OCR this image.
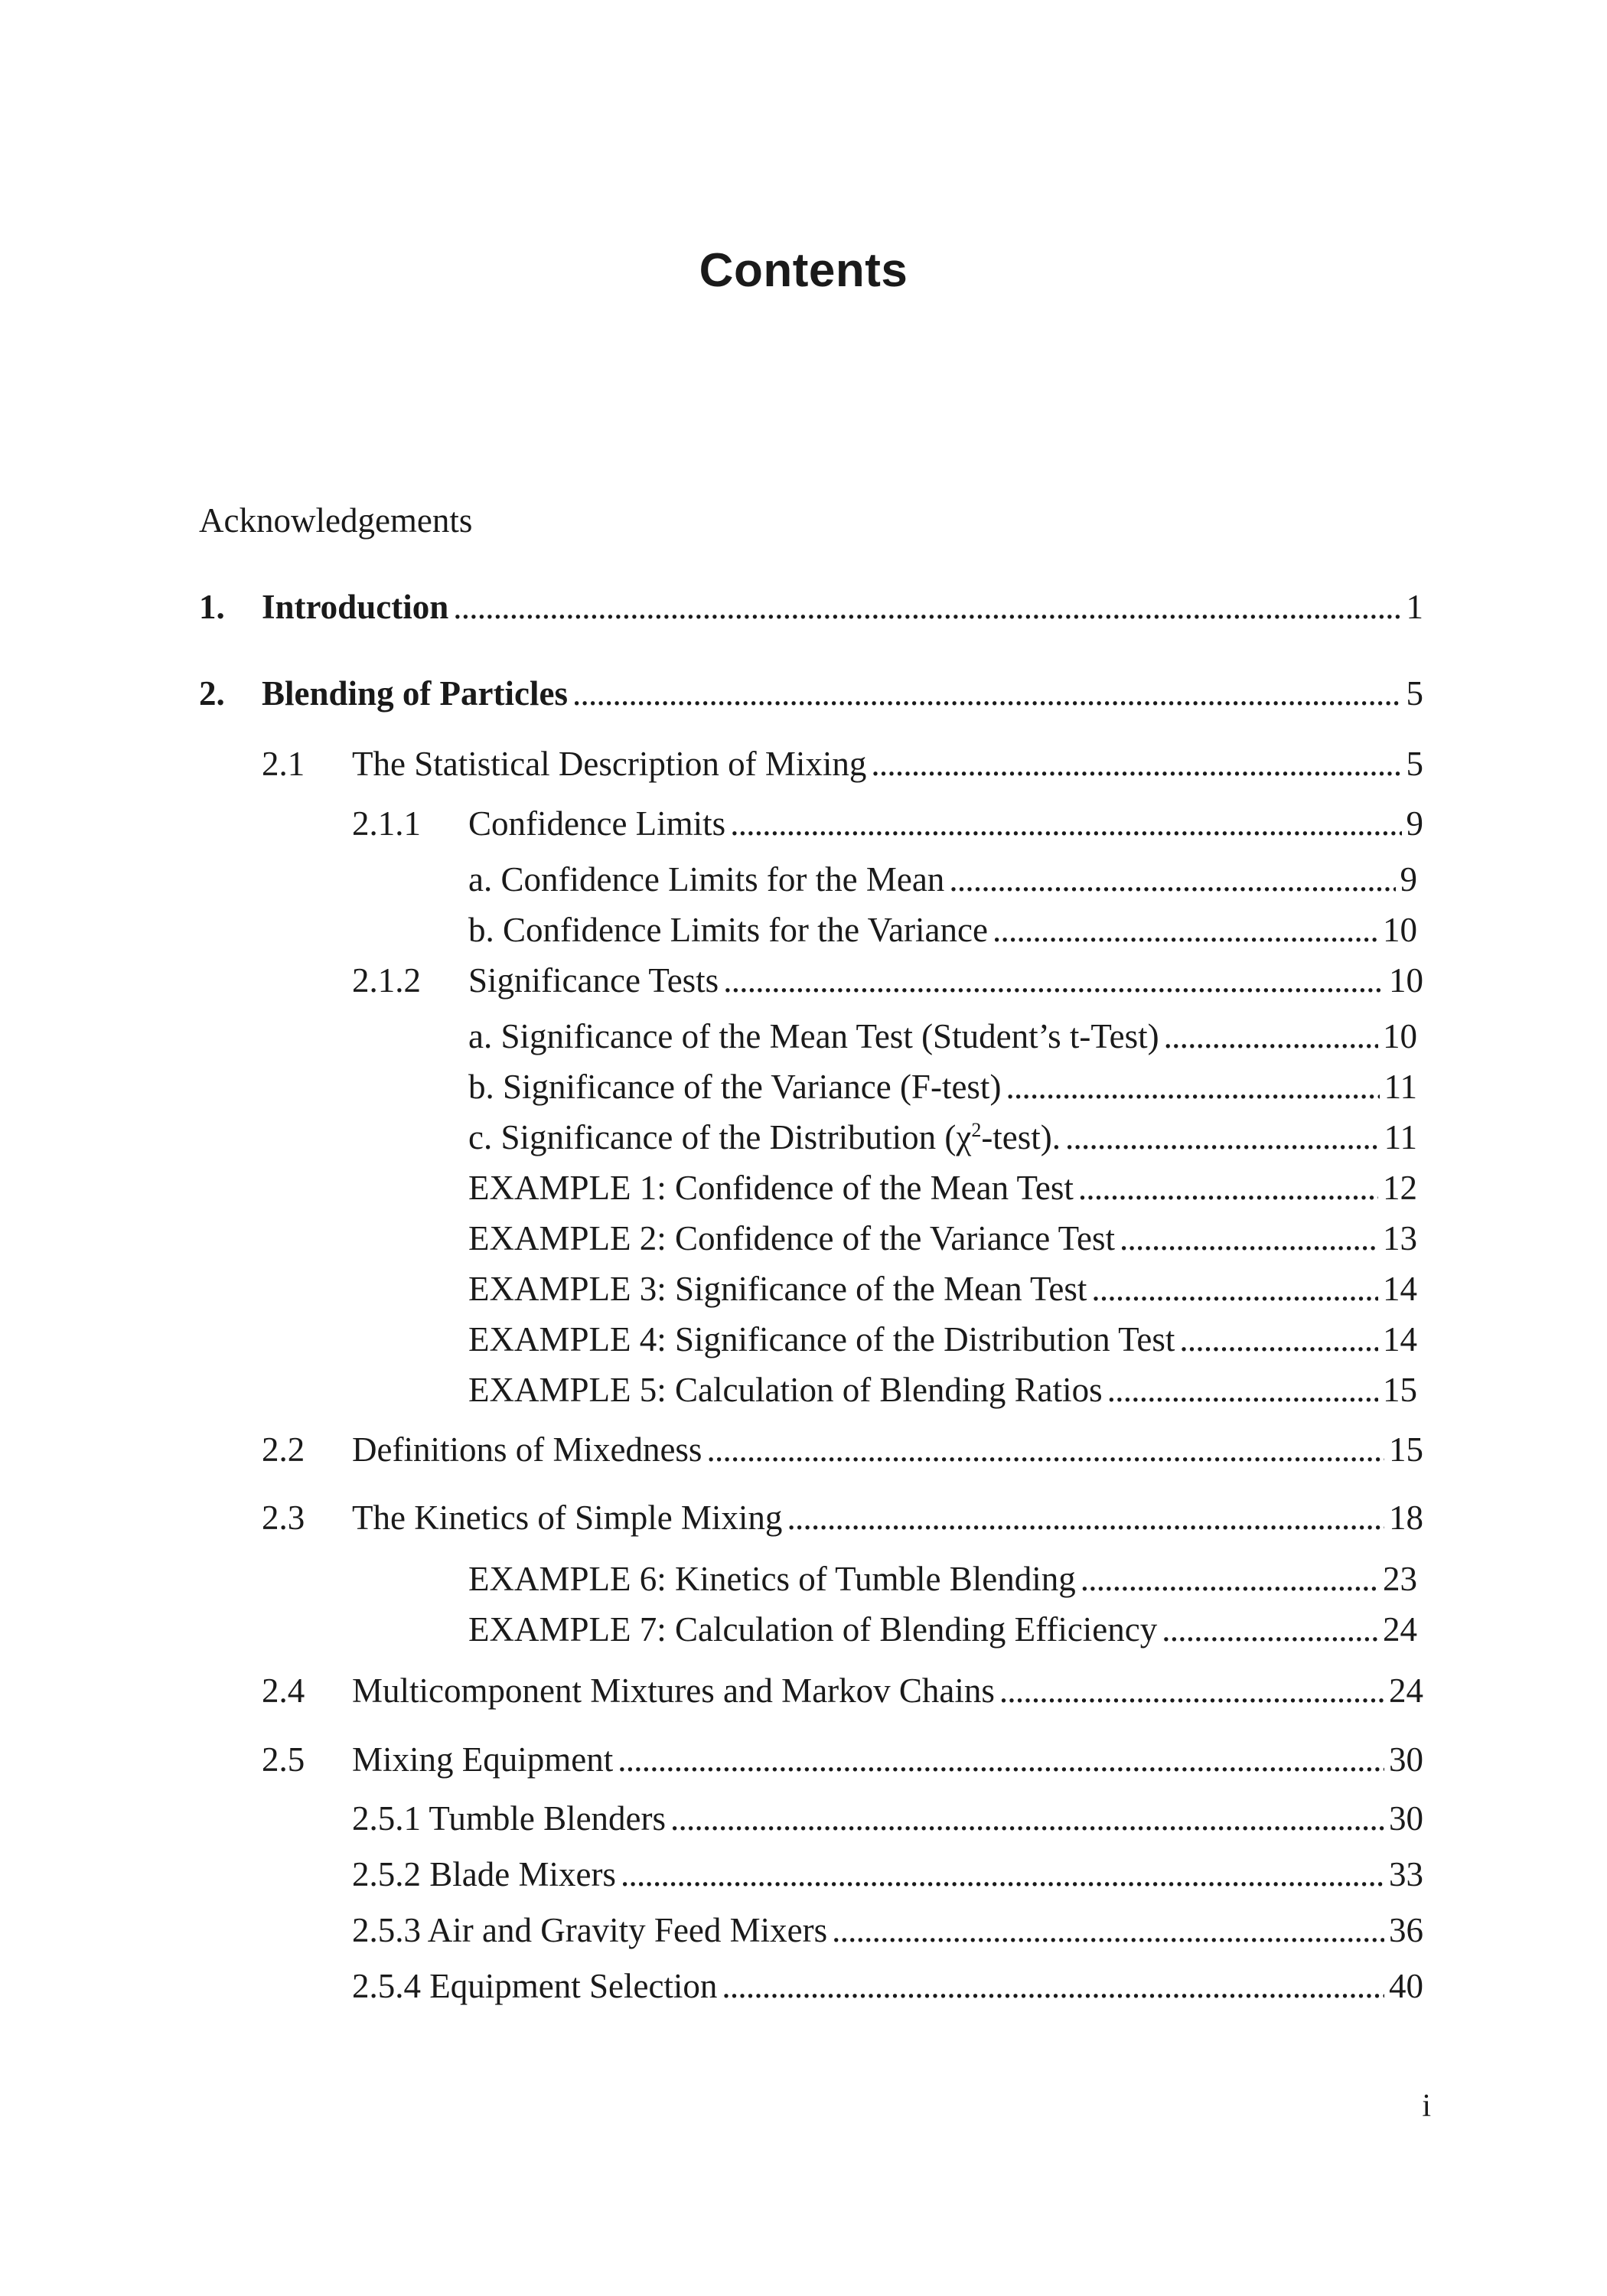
Contents
Acknowledgements
1.	Introduction . . .	1
2.	Blending of Particles . . .	5
2.1	The Statistical Description of Mixing . . .	5
2.1.1	Confidence Limits . . .	9
a. Confidence Limits for the Mean . . .	9
b. Confidence Limits for the Variance . . .	10
2.1.2	Significance Tests . . .	10
a. Significance of the Mean Test (Student’s t-Test) . . .	10
b. Significance of the Variance (F-test) . . .	11
c. Significance of the Distribution $(\chi^2-test)$. . . .	11
EXAMPLE 1: Confidence of the Mean Test . . .	12
EXAMPLE 2: Confidence of the Variance Test . . .	13
EXAMPLE 3: Significance of the Mean Test . . .	14
EXAMPLE 4: Significance of the Distribution Test . . .	14
EXAMPLE 5: Calculation of Blending Ratios . . .	15
2.2	Definitions of Mixedness . . .	15
2.3	The Kinetics of Simple Mixing . . .	18
EXAMPLE 6: Kinetics of Tumble Blending . . .	23
EXAMPLE 7: Calculation of Blending Efficiency . . .	24
2.4	Multicomponent Mixtures and Markov Chains . . .	24
2.5	Mixing Equipment . . .	30
2.5.1 Tumble Blenders . . .	30
2.5.2 Blade Mixers . . .	33
2.5.3 Air and Gravity Feed Mixers . . .	36
2.5.4 Equipment Selection . . .	40
i
